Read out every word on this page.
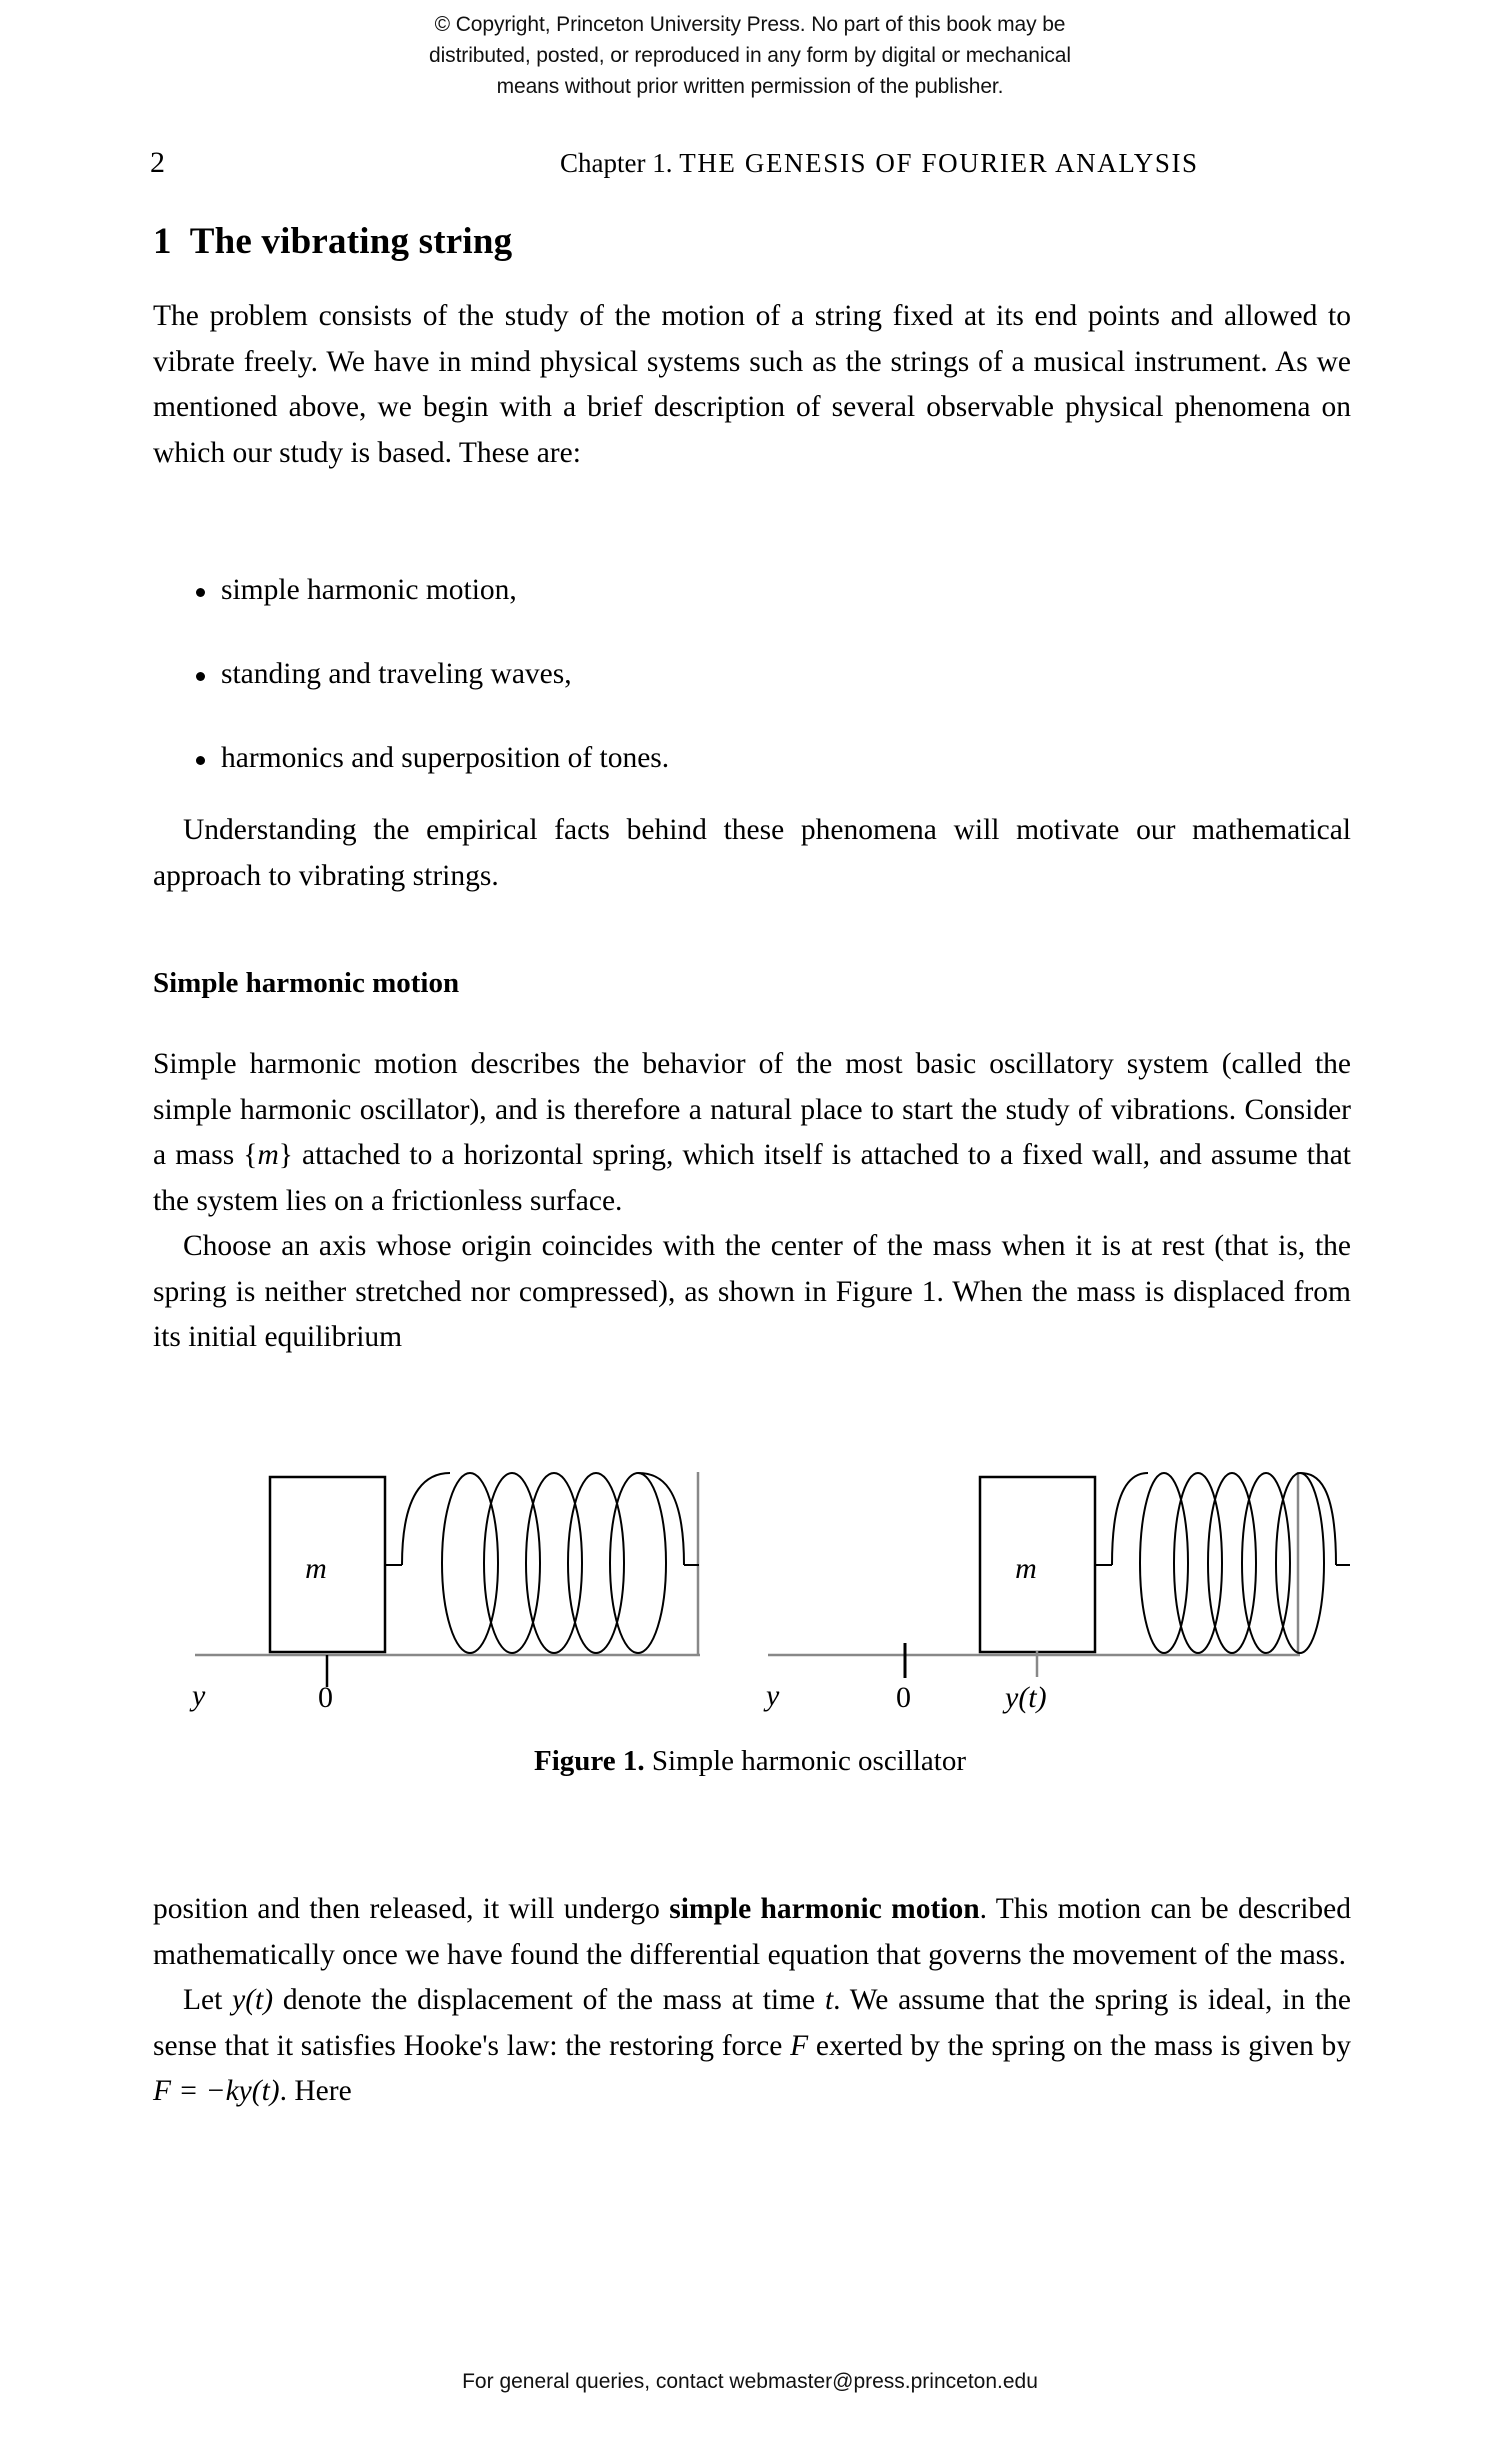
© Copyright, Princeton University Press. No part of this book may be
distributed, posted, or reproduced in any form by digital or mechanical
means without prior written permission of the publisher.
2	Chapter 1. THE GENESIS OF FOURIER ANALYSIS
1 The vibrating string

The problem consists of the study of the motion of a string fixed at its end points and allowed to vibrate freely. We have in mind physical systems such as the strings of a musical instrument. As we mentioned above, we begin with a brief description of several observable physical phenomena on which our study is based. These are:

simple harmonic motion,
standing and traveling waves,
harmonics and superposition of tones.

Understanding the empirical facts behind these phenomena will motivate our mathematical approach to vibrating strings.

Simple harmonic motion

Simple harmonic motion describes the behavior of the most basic oscillatory system (called the simple harmonic oscillator), and is therefore a natural place to start the study of vibrations. Consider a mass {m} attached to a horizontal spring, which itself is attached to a fixed wall, and assume that the system lies on a frictionless surface.

Choose an axis whose origin coincides with the center of the mass when it is at rest (that is, the spring is neither stretched nor compressed), as shown in Figure 1. When the mass is displaced from its initial equilibrium

y	0
m
y	0	y(t)
m
Figure 1. Simple harmonic oscillator

position and then released, it will undergo simple harmonic motion. This motion can be described mathematically once we have found the differential equation that governs the movement of the mass.

Let y(t) denote the displacement of the mass at time t. We assume that the spring is ideal, in the sense that it satisfies Hooke's law: the restoring force F exerted by the spring on the mass is given by F = −ky(t). Here

For general queries, contact webmaster@press.princeton.edu
